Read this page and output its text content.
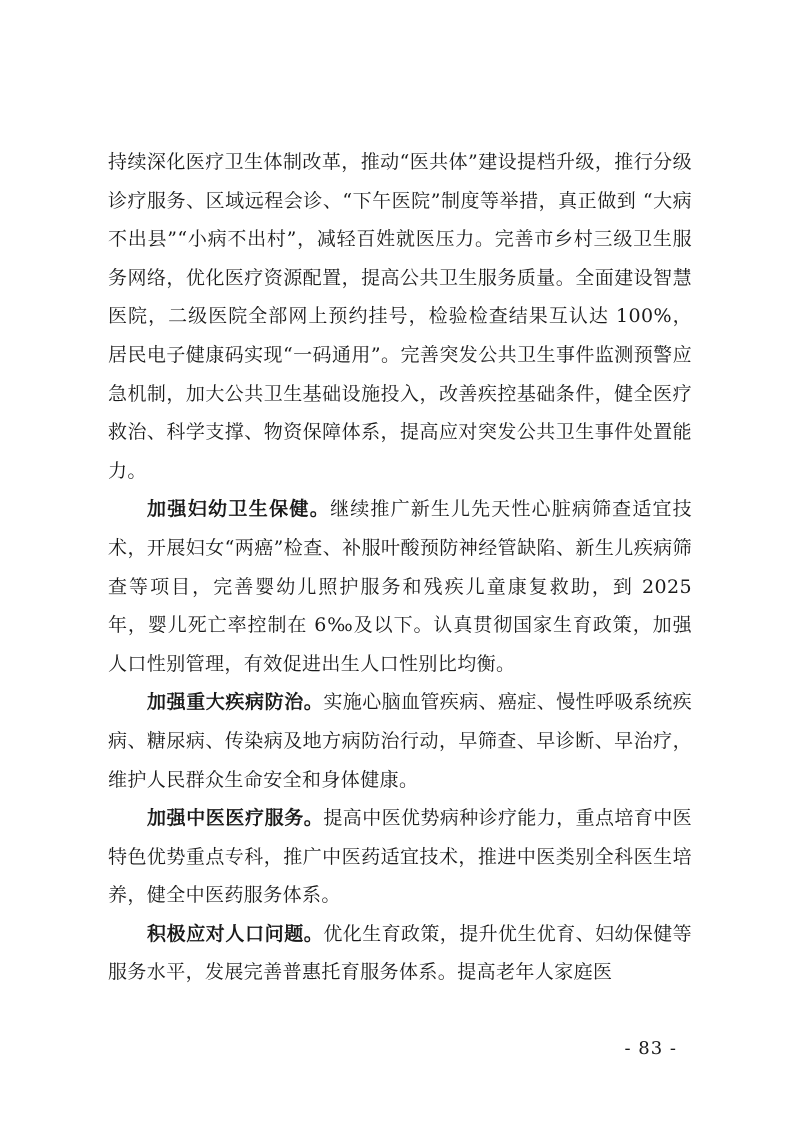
持续深化医疗卫生体制改革，推动“医共体”建设提档升级，推行分级诊疗服务、区域远程会诊、“下午医院”制度等举措，真正做到 “大病不出县”“小病不出村”，减轻百姓就医压力。完善市乡村三级卫生服务网络，优化医疗资源配置，提高公共卫生服务质量。全面建设智慧医院，二级医院全部网上预约挂号，检验检查结果互认达 100%，居民电子健康码实现“一码通用”。完善突发公共卫生事件监测预警应急机制，加大公共卫生基础设施投入，改善疾控基础条件，健全医疗救治、科学支撑、物资保障体系，提高应对突发公共卫生事件处置能力。

加强妇幼卫生保健。继续推广新生儿先天性心脏病筛查适宜技术，开展妇女“两癌”检查、补服叶酸预防神经管缺陷、新生儿疾病筛查等项目，完善婴幼儿照护服务和残疾儿童康复救助，到 2025 年，婴儿死亡率控制在 6‰及以下。认真贯彻国家生育政策，加强人口性别管理，有效促进出生人口性别比均衡。

加强重大疾病防治。实施心脑血管疾病、癌症、慢性呼吸系统疾病、糖尿病、传染病及地方病防治行动，早筛查、早诊断、早治疗，维护人民群众生命安全和身体健康。

加强中医医疗服务。提高中医优势病种诊疗能力，重点培育中医特色优势重点专科，推广中医药适宜技术，推进中医类别全科医生培养，健全中医药服务体系。

积极应对人口问题。优化生育政策，提升优生优育、妇幼保健等服务水平，发展完善普惠托育服务体系。提高老年人家庭医

- 83 -
